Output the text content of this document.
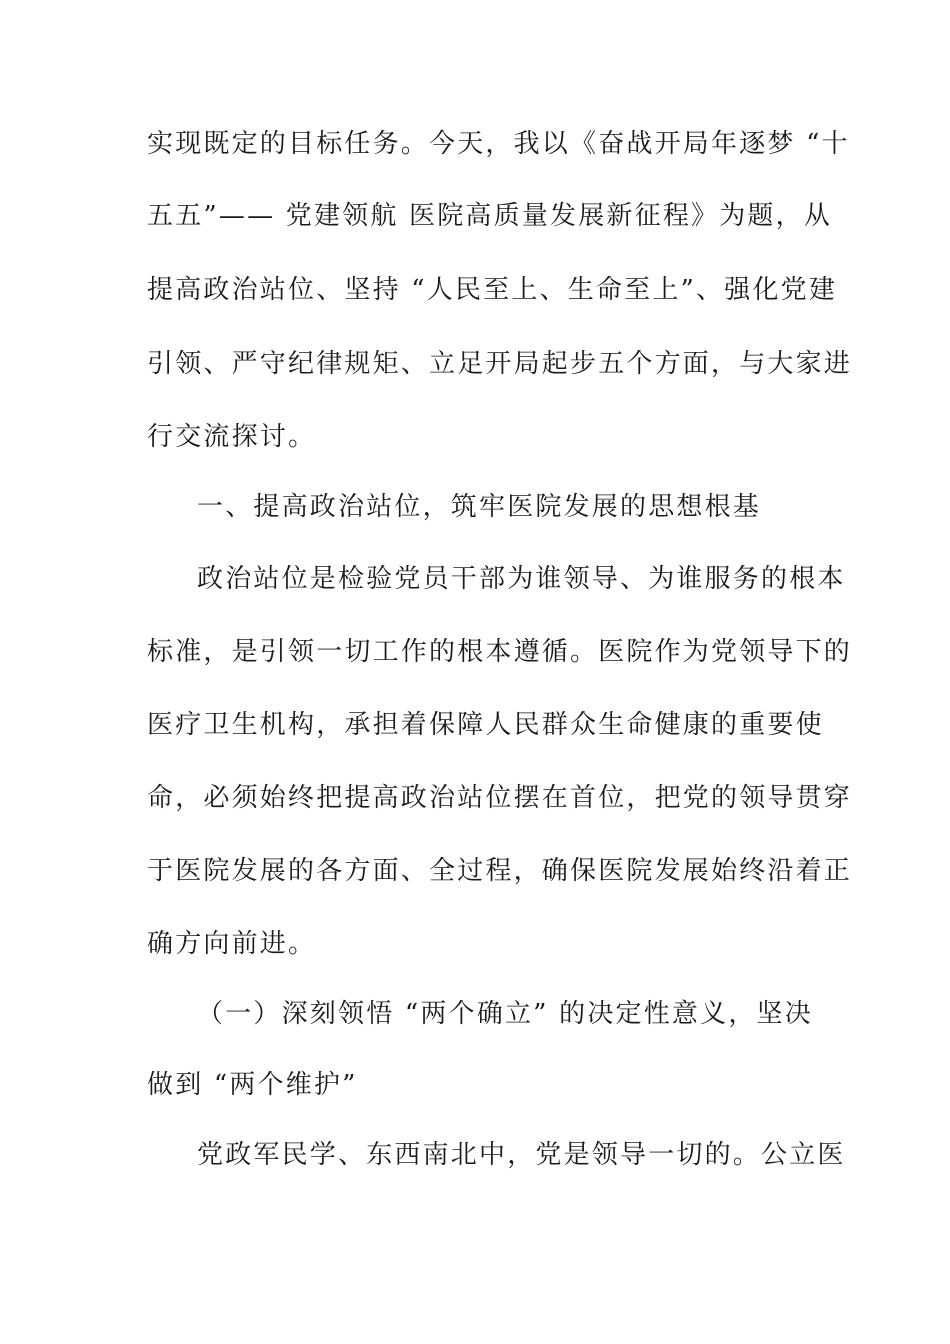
实现既定的目标任务。今天，我以《奋战开局年逐梦 “十
五五”—— 党建领航 医院高质量发展新征程》为题，从
提高政治站位、坚持 “人民至上、生命至上”、强化党建
引领、严守纪律规矩、立足开局起步五个方面，与大家进
行交流探讨。
一、提高政治站位，筑牢医院发展的思想根基
政治站位是检验党员干部为谁领导、为谁服务的根本
标准，是引领一切工作的根本遵循。医院作为党领导下的
医疗卫生机构，承担着保障人民群众生命健康的重要使
命，必须始终把提高政治站位摆在首位，把党的领导贯穿
于医院发展的各方面、全过程，确保医院发展始终沿着正
确方向前进。
（一）深刻领悟 “两个确立” 的决定性意义，坚决
做到 “两个维护”
党政军民学、东西南北中，党是领导一切的。公立医
